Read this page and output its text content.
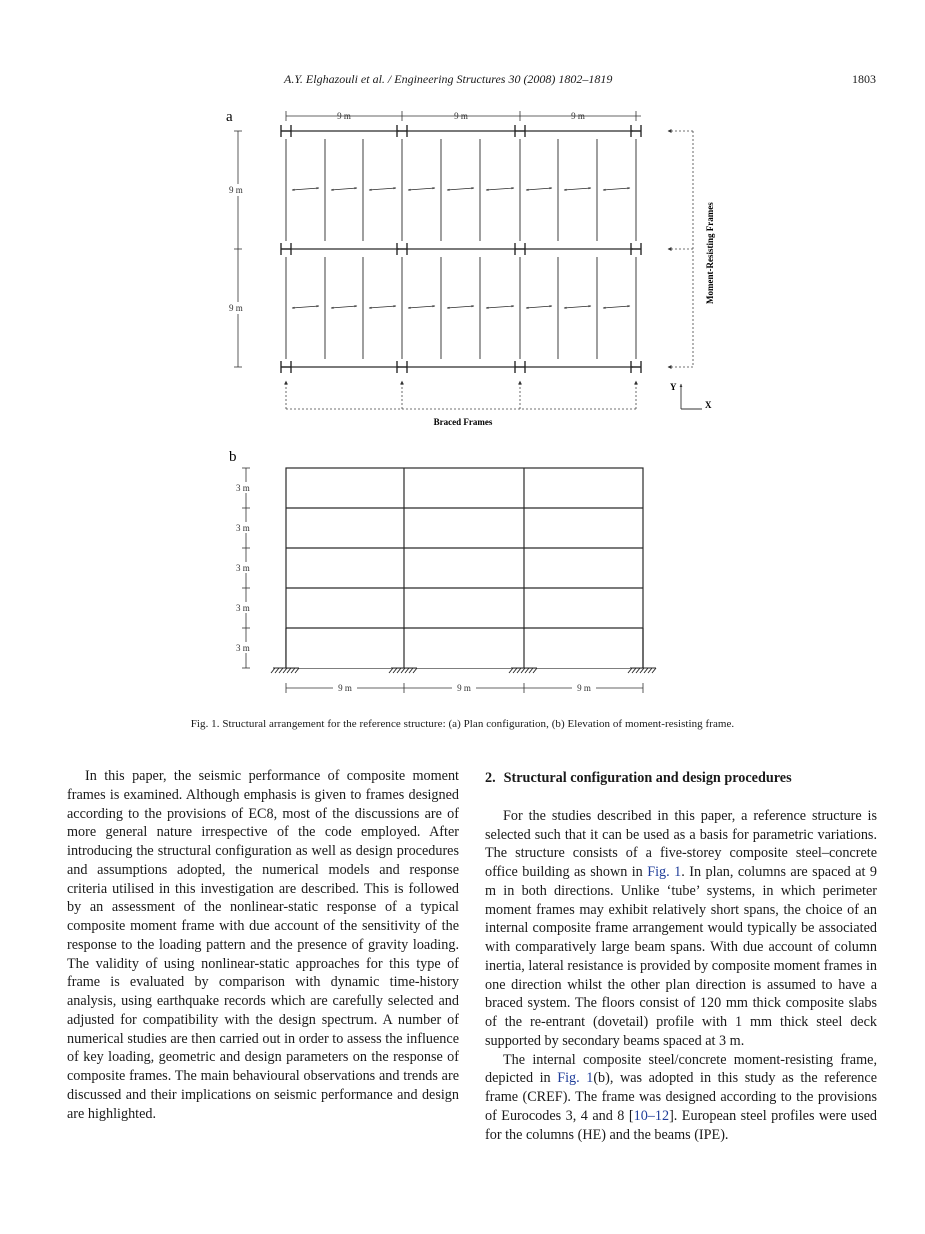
A.Y. Elghazouli et al. / Engineering Structures 30 (2008) 1802–1819	1803
a	9 m	9 m	9 m
9 m
9 m
Moment-Resisting Frames
Braced Frames
Y
X
b
3 m
3 m
3 m
3 m
3 m
9 m	9 m	9 m
Fig. 1. Structural arrangement for the reference structure: (a) Plan configuration, (b) Elevation of moment-resisting frame.

In this paper, the seismic performance of composite moment frames is examined. Although emphasis is given to frames designed according to the provisions of EC8, most of the discussions are of more general nature irrespective of the code employed. After introducing the structural configuration as well as design procedures and assumptions adopted, the numerical models and response criteria utilised in this investigation are described. This is followed by an assessment of the nonlinear-static response of a typical composite moment frame with due account of the sensitivity of the response to the loading pattern and the presence of gravity loading. The validity of using nonlinear-static approaches for this type of frame is evaluated by comparison with dynamic time-history analysis, using earthquake records which are carefully selected and adjusted for compatibility with the design spectrum. A number of numerical studies are then carried out in order to assess the influence of key loading, geometric and design parameters on the response of composite frames. The main behavioural observations and trends are discussed and their implications on seismic performance and design are highlighted.

2. Structural configuration and design procedures

For the studies described in this paper, a reference structure is selected such that it can be used as a basis for parametric variations. The structure consists of a five-storey composite steel–concrete office building as shown in Fig. 1. In plan, columns are spaced at 9 m in both directions. Unlike ‘tube’ systems, in which perimeter moment frames may exhibit relatively short spans, the choice of an internal composite frame arrangement would typically be associated with comparatively large beam spans. With due account of column inertia, lateral resistance is provided by composite moment frames in one direction whilst the other plan direction is assumed to have a braced system. The floors consist of 120 mm thick composite slabs of the re-entrant (dovetail) profile with 1 mm thick steel deck supported by secondary beams spaced at 3 m.

The internal composite steel/concrete moment-resisting frame, depicted in Fig. 1(b), was adopted in this study as the reference frame (CREF). The frame was designed according to the provisions of Eurocodes 3, 4 and 8 [10–12]. European steel profiles were used for the columns (HE) and the beams (IPE).
